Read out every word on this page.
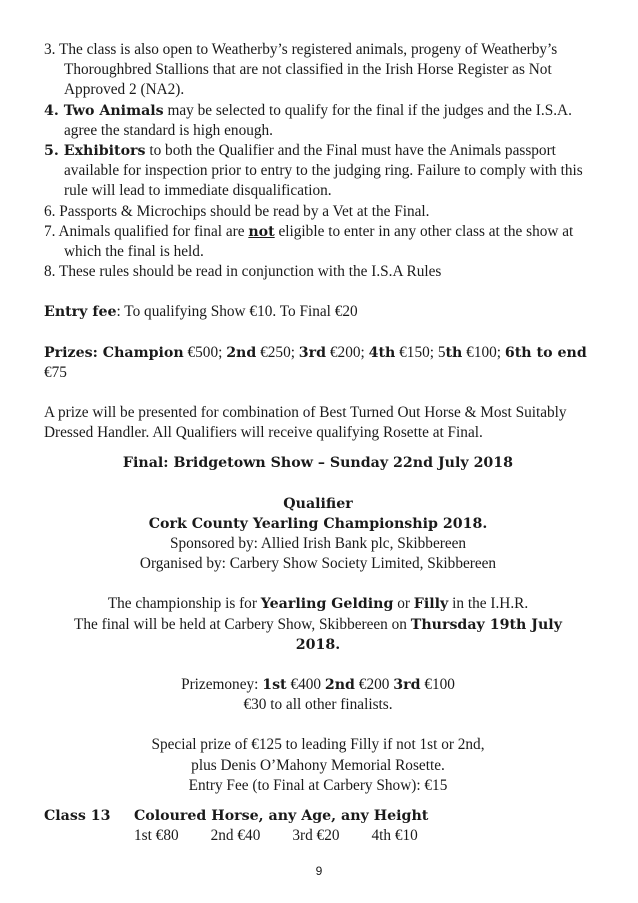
3. The class is also open to Weatherby’s registered animals, progeny of Weatherby’s Thoroughbred Stallions that are not classified in the Irish Horse Register as Not Approved 2 (NA2).
4. Two Animals may be selected to qualify for the final if the judges and the I.S.A. agree the standard is high enough.
5. Exhibitors to both the Qualifier and the Final must have the Animals passport available for inspection prior to entry to the judging ring. Failure to comply with this rule will lead to immediate disqualification.
6. Passports & Microchips should be read by a Vet at the Final.
7. Animals qualified for final are not eligible to enter in any other class at the show at which the final is held.
8. These rules should be read in conjunction with the I.S.A Rules
Entry fee: To qualifying Show €10. To Final €20
Prizes: Champion €500; 2nd €250; 3rd €200; 4th €150; 5th €100; 6th to end €75
A prize will be presented for combination of Best Turned Out Horse & Most Suitably Dressed Handler. All Qualifiers will receive qualifying Rosette at Final.
Final: Bridgetown Show – Sunday 22nd July 2018
Qualifier
Cork County Yearling Championship 2018.
Sponsored by: Allied Irish Bank plc, Skibbereen
Organised by: Carbery Show Society Limited, Skibbereen
The championship is for Yearling Gelding or Filly in the I.H.R.
The final will be held at Carbery Show, Skibbereen on Thursday 19th July 2018.
Prizemoney: 1st €400 2nd €200 3rd €100
€30 to all other finalists.
Special prize of €125 to leading Filly if not 1st or 2nd,
plus Denis O’Mahony Memorial Rosette.
Entry Fee (to Final at Carbery Show): €15
Class 13	Coloured Horse, any Age, any Height
1st €80 2nd €40 3rd €20 4th €10
9
